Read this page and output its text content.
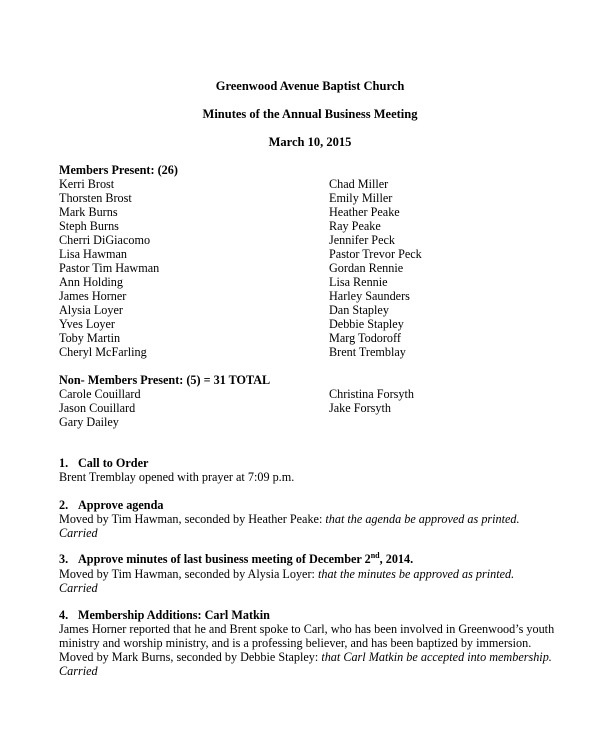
Greenwood Avenue Baptist Church
Minutes of the Annual Business Meeting
March 10, 2015
Members Present: (26)
Kerri Brost
Thorsten Brost
Mark Burns
Steph Burns
Cherri DiGiacomo
Lisa Hawman
Pastor Tim Hawman
Ann Holding
James Horner
Alysia Loyer
Yves Loyer
Toby Martin
Cheryl McFarling
Chad Miller
Emily Miller
Heather Peake
Ray Peake
Jennifer Peck
Pastor Trevor Peck
Gordan Rennie
Lisa Rennie
Harley Saunders
Dan Stapley
Debbie Stapley
Marg Todoroff
Brent Tremblay
Non- Members Present: (5) = 31 TOTAL
Carole Couillard
Jason Couillard
Gary Dailey
Christina Forsyth
Jake Forsyth
1. Call to Order
Brent Tremblay opened with prayer at 7:09 p.m.
2. Approve agenda
Moved by Tim Hawman, seconded by Heather Peake: that the agenda be approved as printed.
Carried
3. Approve minutes of last business meeting of December 2nd, 2014.
Moved by Tim Hawman, seconded by Alysia Loyer: that the minutes be approved as printed.
Carried
4. Membership Additions: Carl Matkin
James Horner reported that he and Brent spoke to Carl, who has been involved in Greenwood’s youth
ministry and worship ministry, and is a professing believer, and has been baptized by immersion.
Moved by Mark Burns, seconded by Debbie Stapley: that Carl Matkin be accepted into membership.
Carried
